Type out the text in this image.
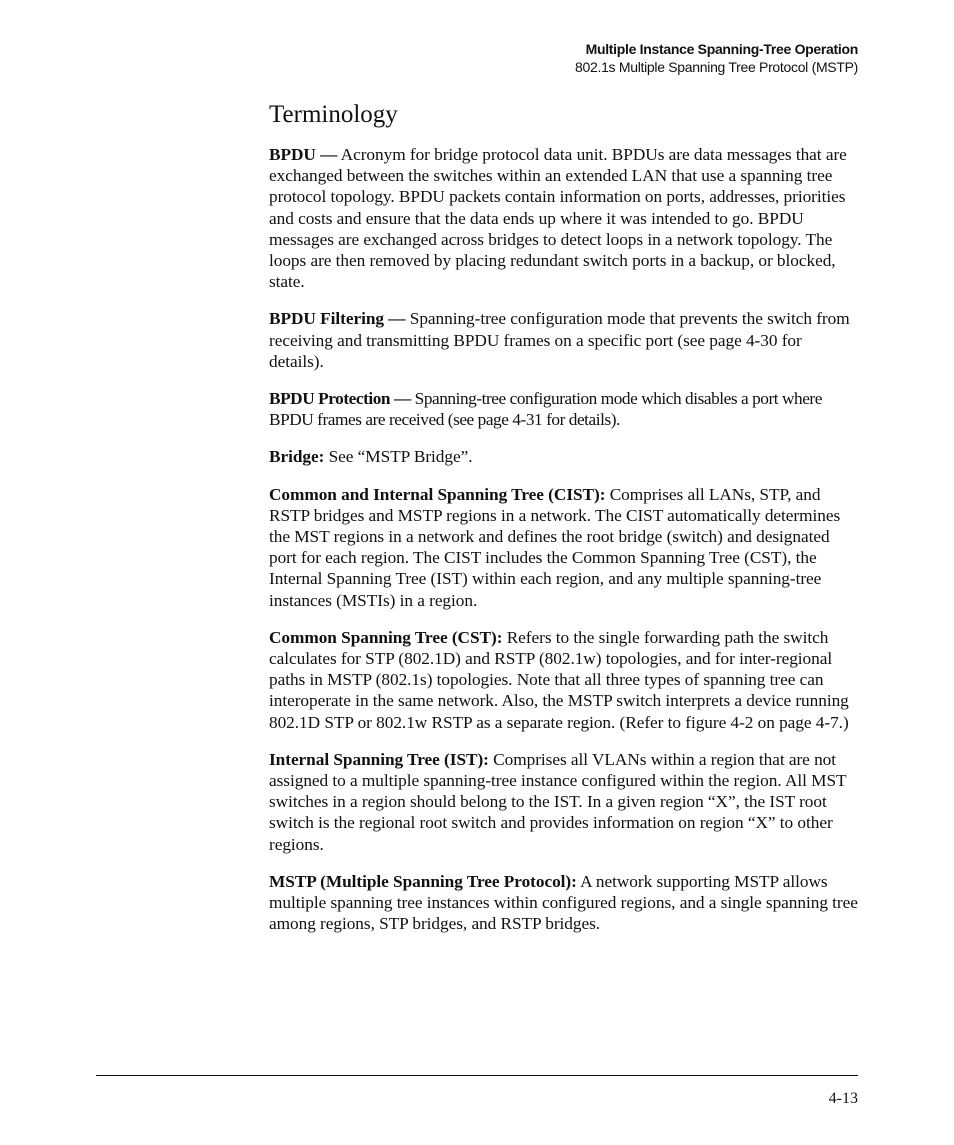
Multiple Instance Spanning-Tree Operation
802.1s Multiple Spanning Tree Protocol (MSTP)
Terminology

BPDU — Acronym for bridge protocol data unit. BPDUs are data messages that are exchanged between the switches within an extended LAN that use a spanning tree protocol topology. BPDU packets contain information on ports, addresses, priorities and costs and ensure that the data ends up where it was intended to go. BPDU messages are exchanged across bridges to detect loops in a network topology. The loops are then removed by placing redundant switch ports in a backup, or blocked, state.

BPDU Filtering — Spanning-tree configuration mode that prevents the switch from receiving and transmitting BPDU frames on a specific port (see page 4-30 for details).

BPDU Protection — Spanning-tree configuration mode which disables a port where BPDU frames are received (see page 4-31 for details).

Bridge: See “MSTP Bridge”.

Common and Internal Spanning Tree (CIST): Comprises all LANs, STP, and RSTP bridges and MSTP regions in a network. The CIST automatically determines the MST regions in a network and defines the root bridge (switch) and designated port for each region. The CIST includes the Common Spanning Tree (CST), the Internal Spanning Tree (IST) within each region, and any multiple spanning-tree instances (MSTIs) in a region.

Common Spanning Tree (CST): Refers to the single forwarding path the switch calculates for STP (802.1D) and RSTP (802.1w) topologies, and for inter-regional paths in MSTP (802.1s) topologies. Note that all three types of spanning tree can interoperate in the same network. Also, the MSTP switch interprets a device running 802.1D STP or 802.1w RSTP as a separate region. (Refer to figure 4-2 on page 4-7.)

Internal Spanning Tree (IST): Comprises all VLANs within a region that are not assigned to a multiple spanning-tree instance configured within the region. All MST switches in a region should belong to the IST. In a given region “X”, the IST root switch is the regional root switch and provides information on region “X” to other regions.

MSTP (Multiple Spanning Tree Protocol): A network supporting MSTP allows multiple spanning tree instances within configured regions, and a single spanning tree among regions, STP bridges, and RSTP bridges.

4-13
